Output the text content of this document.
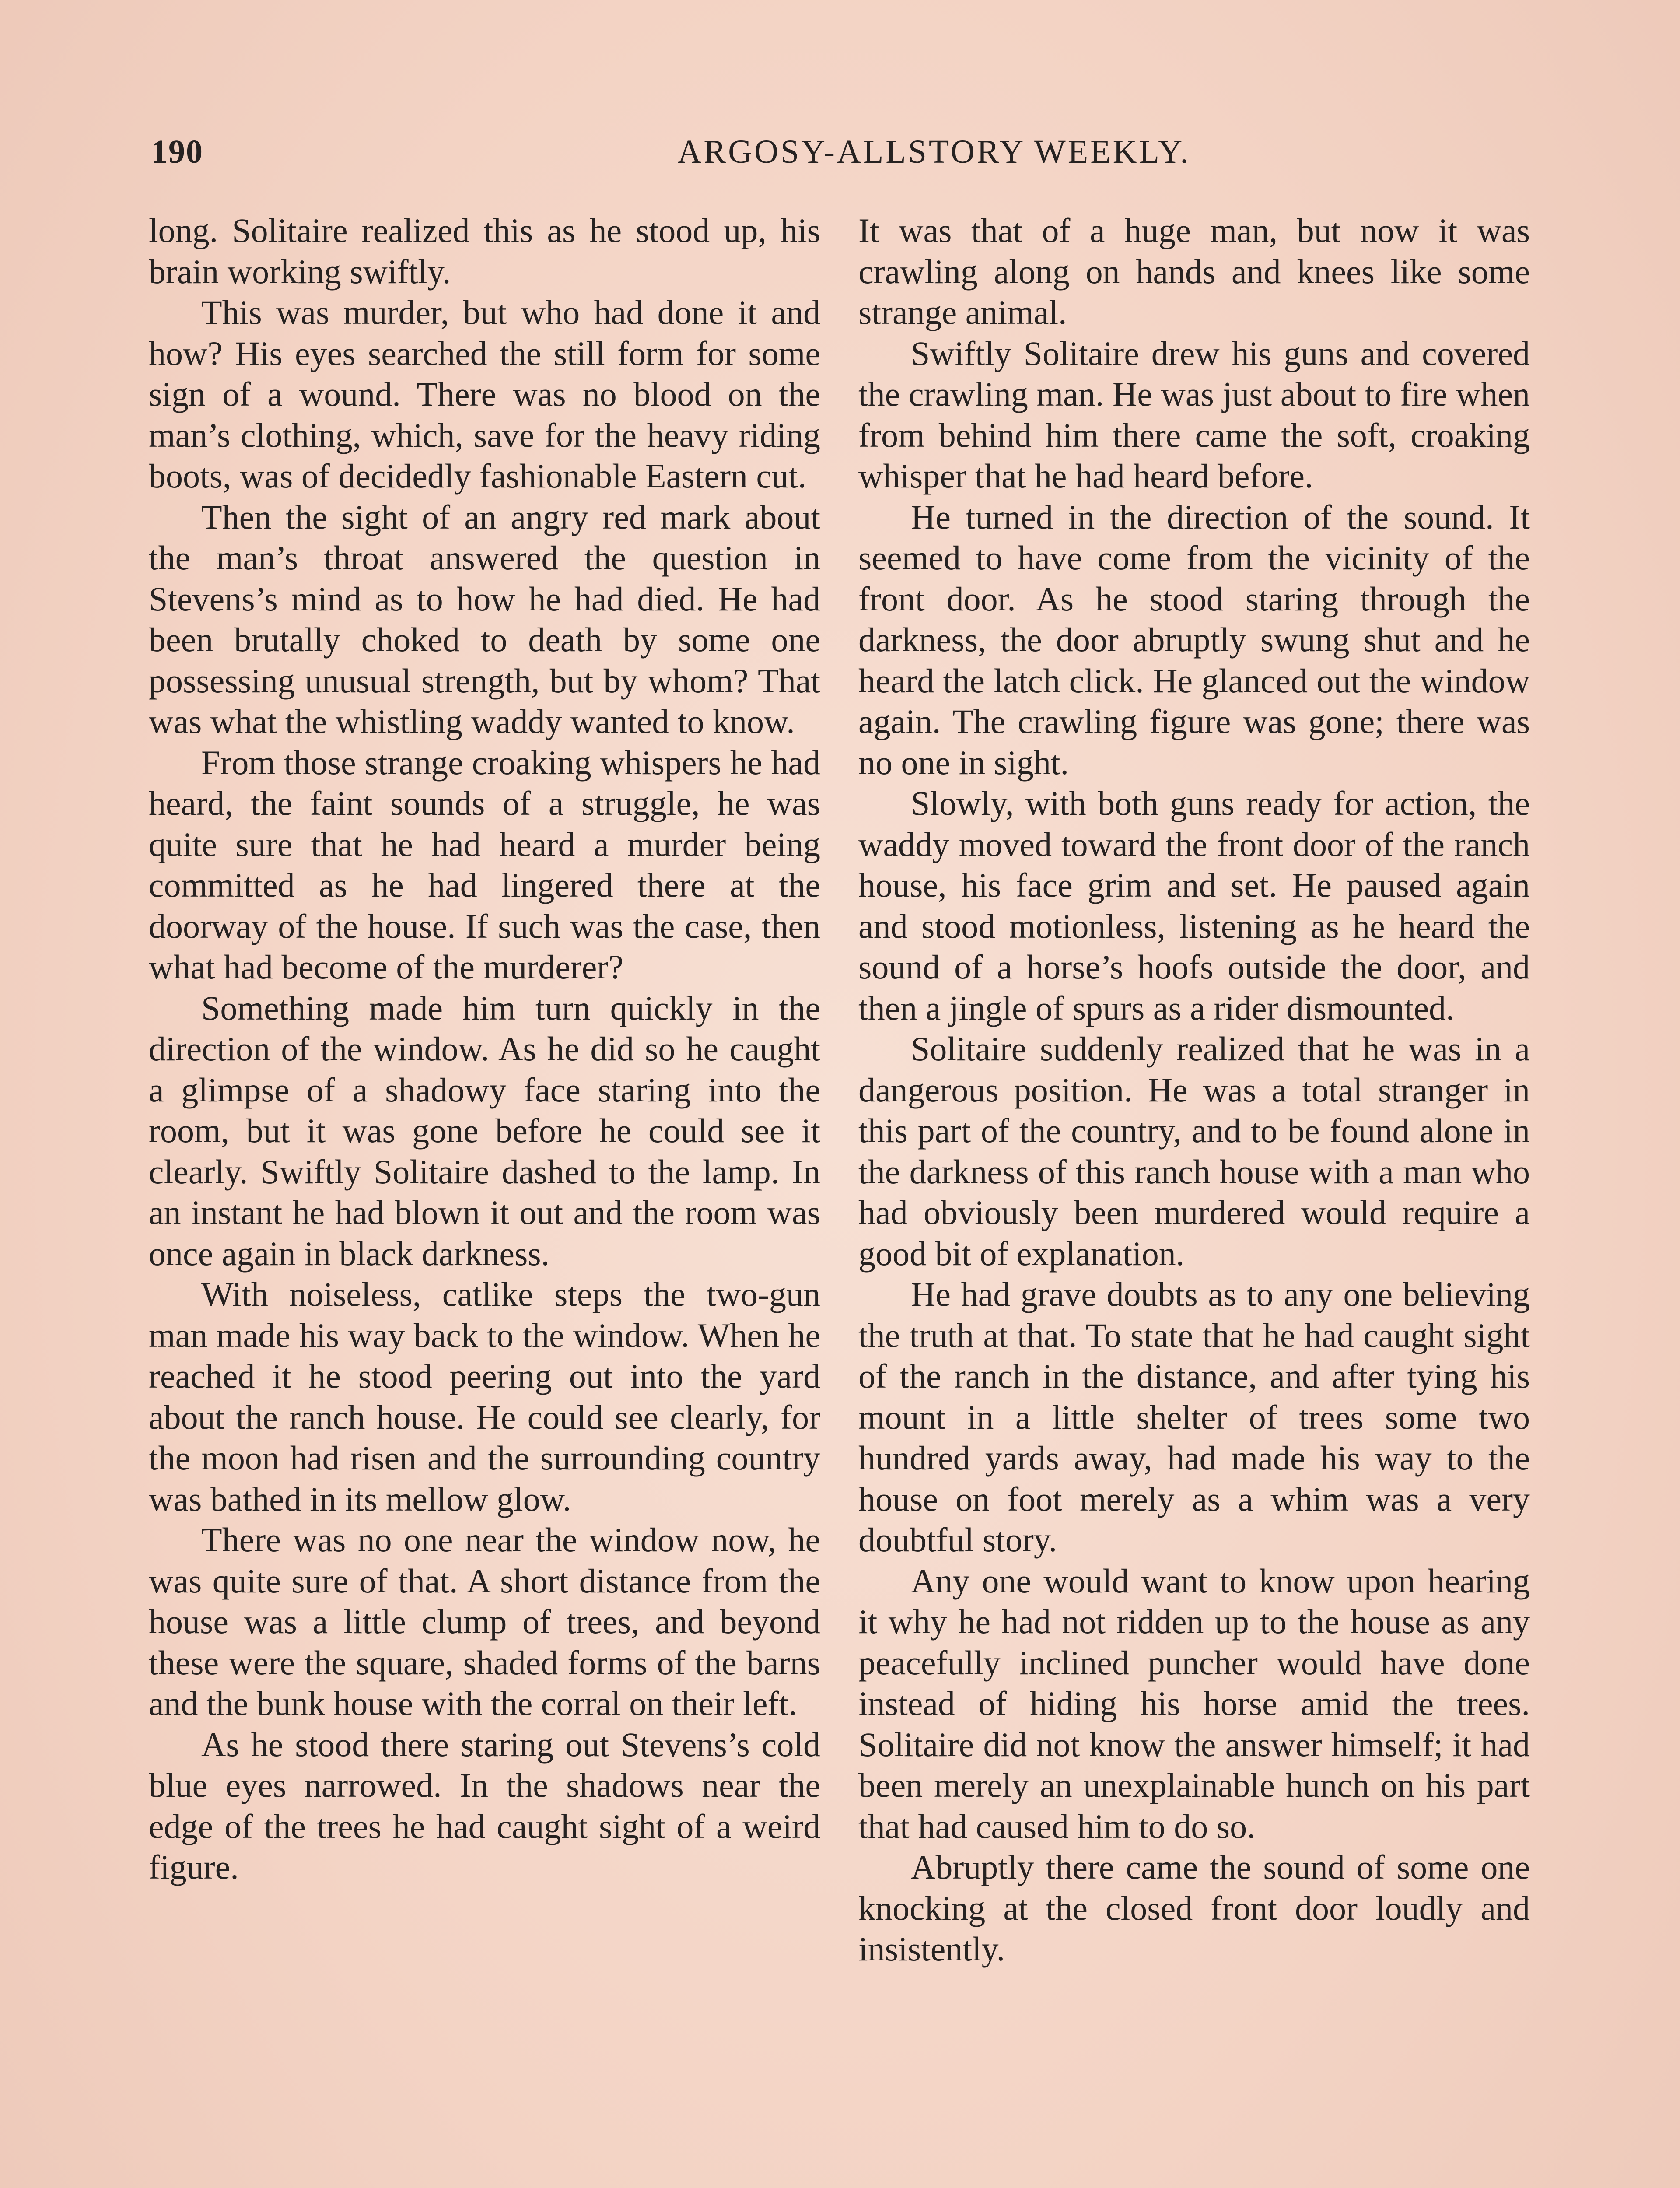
190	ARGOSY-ALLSTORY WEEKLY.

long. Solitaire realized this as he stood up, his brain working swiftly.

This was murder, but who had done it and how? His eyes searched the still form for some sign of a wound. There was no blood on the man’s clothing, which, save for the heavy riding boots, was of decidedly fashionable Eastern cut.

Then the sight of an angry red mark about the man’s throat answered the question in Stevens’s mind as to how he had died. He had been brutally choked to death by some one possessing unusual strength, but by whom? That was what the whistling waddy wanted to know.

From those strange croaking whispers he had heard, the faint sounds of a struggle, he was quite sure that he had heard a murder being committed as he had lingered there at the doorway of the house. If such was the case, then what had become of the murderer?

Something made him turn quickly in the direction of the window. As he did so he caught a glimpse of a shadowy face staring into the room, but it was gone before he could see it clearly. Swiftly Solitaire dashed to the lamp. In an instant he had blown it out and the room was once again in black darkness.

With noiseless, catlike steps the two-gun man made his way back to the window. When he reached it he stood peering out into the yard about the ranch house. He could see clearly, for the moon had risen and the surrounding country was bathed in its mellow glow.

There was no one near the window now, he was quite sure of that. A short distance from the house was a little clump of trees, and beyond these were the square, shaded forms of the barns and the bunk house with the corral on their left.

As he stood there staring out Stevens’s cold blue eyes narrowed. In the shadows near the edge of the trees he had caught sight of a weird figure.

It was that of a huge man, but now it was crawling along on hands and knees like some strange animal.

Swiftly Solitaire drew his guns and covered the crawling man. He was just about to fire when from behind him there came the soft, croaking whisper that he had heard before.

He turned in the direction of the sound. It seemed to have come from the vicinity of the front door. As he stood staring through the darkness, the door abruptly swung shut and he heard the latch click. He glanced out the window again. The crawling figure was gone; there was no one in sight.

Slowly, with both guns ready for action, the waddy moved toward the front door of the ranch house, his face grim and set. He paused again and stood motionless, listening as he heard the sound of a horse’s hoofs outside the door, and then a jingle of spurs as a rider dismounted.

Solitaire suddenly realized that he was in a dangerous position. He was a total stranger in this part of the country, and to be found alone in the darkness of this ranch house with a man who had obviously been murdered would require a good bit of explanation.

He had grave doubts as to any one believing the truth at that. To state that he had caught sight of the ranch in the distance, and after tying his mount in a little shelter of trees some two hundred yards away, had made his way to the house on foot merely as a whim was a very doubtful story.

Any one would want to know upon hearing it why he had not ridden up to the house as any peacefully inclined puncher would have done instead of hiding his horse amid the trees. Solitaire did not know the answer himself; it had been merely an unexplainable hunch on his part that had caused him to do so.

Abruptly there came the sound of some one knocking at the closed front door loudly and insistently.
